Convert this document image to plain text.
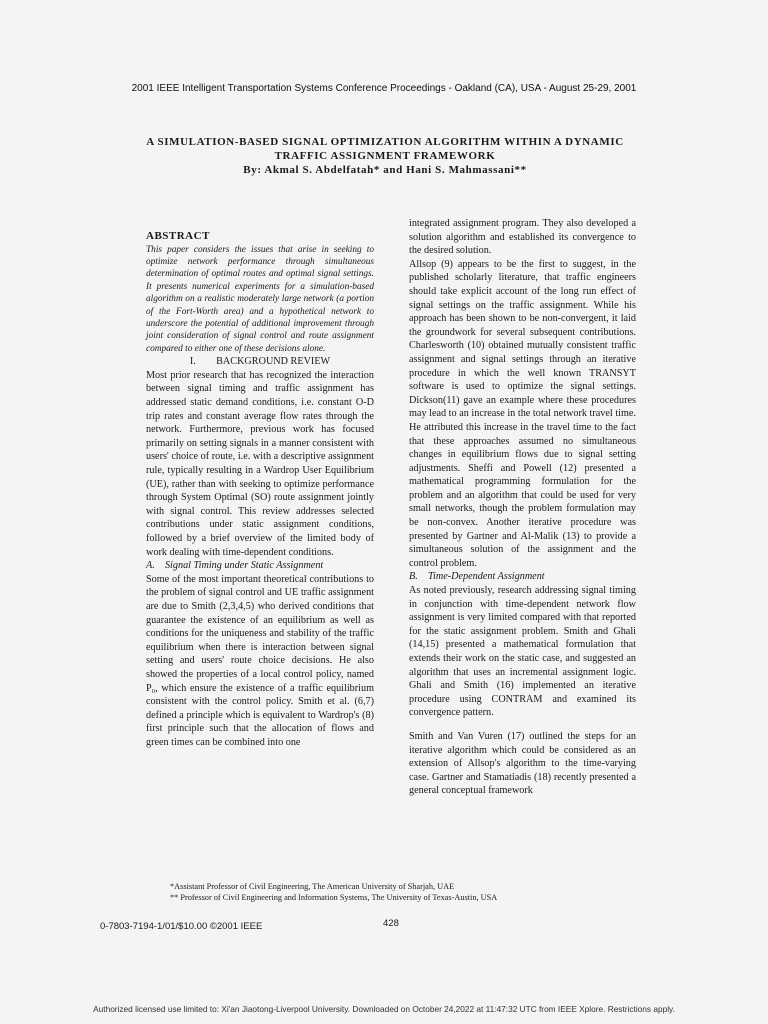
2001 IEEE Intelligent Transportation Systems Conference Proceedings - Oakland (CA), USA - August 25-29, 2001
A SIMULATION-BASED SIGNAL OPTIMIZATION ALGORITHM WITHIN A DYNAMIC
TRAFFIC ASSIGNMENT FRAMEWORK
By: Akmal S. Abdelfatah* and Hani S. Mahmassani**

ABSTRACT

This paper considers the issues that arise in seeking to optimize network performance through simultaneous determination of optimal routes and optimal signal settings. It presents numerical experiments for a simulation-based algorithm on a realistic moderately large network (a portion of the Fort-Worth area) and a hypothetical network to underscore the potential of additional improvement through joint consideration of signal control and route assignment compared to either one of these decisions alone.

I.  BACKGROUND REVIEW

Most prior research that has recognized the interaction between signal timing and traffic assignment has addressed static demand conditions, i.e. constant O-D trip rates and constant average flow rates through the network. Furthermore, previous work has focused primarily on setting signals in a manner consistent with users' choice of route, i.e. with a descriptive assignment rule, typically resulting in a Wardrop User Equilibrium (UE), rather than with seeking to optimize performance through System Optimal (SO) route assignment jointly with signal control. This review addresses selected contributions under static assignment conditions, followed by a brief overview of the limited body of work dealing with time-dependent conditions.

A. Signal Timing under Static Assignment

Some of the most important theoretical contributions to the problem of signal control and UE traffic assignment are due to Smith (2,3,4,5) who derived conditions that guarantee the existence of an equilibrium as well as conditions for the uniqueness and stability of the traffic equilibrium when there is interaction between signal setting and users' route choice decisions. He also showed the properties of a local control policy, named P₀, which ensure the existence of a traffic equilibrium consistent with the control policy. Smith et al. (6,7) defined a principle which is equivalent to Wardrop's (8) first principle such that the allocation of flows and green times can be combined into one

integrated assignment program. They also developed a solution algorithm and established its convergence to the desired solution.

Allsop (9) appears to be the first to suggest, in the published scholarly literature, that traffic engineers should take explicit account of the long run effect of signal settings on the traffic assignment. While his approach has been shown to be non-convergent, it laid the groundwork for several subsequent contributions. Charlesworth (10) obtained mutually consistent traffic assignment and signal settings through an iterative procedure in which the well known TRANSYT software is used to optimize the signal settings. Dickson(11) gave an example where these procedures may lead to an increase in the total network travel time. He attributed this increase in the travel time to the fact that these approaches assumed no simultaneous changes in equilibrium flows due to signal setting adjustments. Sheffi and Powell (12) presented a mathematical programming formulation for the problem and an algorithm that could be used for very small networks, though the problem formulation may be non-convex. Another iterative procedure was presented by Gartner and Al-Malik (13) to provide a simultaneous solution of the assignment and the control problem.

B. Time-Dependent Assignment

As noted previously, research addressing signal timing in conjunction with time-dependent network flow assignment is very limited compared with that reported for the static assignment problem. Smith and Ghali (14,15) presented a mathematical formulation that extends their work on the static case, and suggested an algorithm that uses an incremental assignment logic. Ghali and Smith (16) implemented an iterative procedure using CONTRAM and examined its convergence pattern.

Smith and Van Vuren (17) outlined the steps for an iterative algorithm which could be considered as an extension of Allsop's algorithm to the time-varying case. Gartner and Stamatiadis (18) recently presented a general conceptual framework

*Assistant Professor of Civil Engineering, The American University of Sharjah, UAE
** Professor of Civil Engineering and Information Systems, The University of Texas-Austin, USA
0-7803-7194-1/01/$10.00 ©2001 IEEE	428
Authorized licensed use limited to: Xi'an Jiaotong-Liverpool University. Downloaded on October 24,2022 at 11:47:32 UTC from IEEE Xplore. Restrictions apply.
